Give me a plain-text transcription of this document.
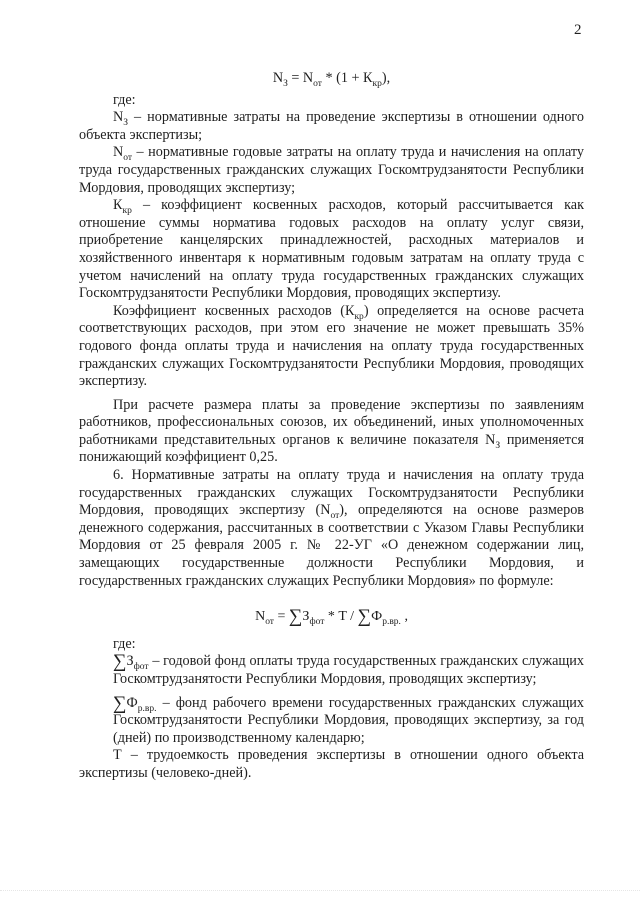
2
$N_З = N_{от} * (1 + К_{кр})$,

где:

$N_З$ – нормативные затраты на проведение экспертизы в отношении одного объекта экспертизы;

$N_{от}$ – нормативные годовые затраты на оплату труда и начисления на оплату труда государственных гражданских служащих Госкомтрудзанятости Республики Мордовия, проводящих экспертизу;

$К_{кр}$ – коэффициент косвенных расходов, который рассчитывается как отношение суммы норматива годовых расходов на оплату услуг связи, приобретение канцелярских принадлежностей, расходных материалов и хозяйственного инвентаря к нормативным годовым затратам на оплату труда с учетом начислений на оплату труда государственных гражданских служащих Госкомтрудзанятости Республики Мордовия, проводящих экспертизу.

Коэффициент косвенных расходов $(К_{кр})$ определяется на основе расчета соответствующих расходов, при этом его значение не может превышать 35% годового фонда оплаты труда и начисления на оплату труда государственных гражданских служащих Госкомтрудзанятости Республики Мордовия, проводящих экспертизу.

При расчете размера платы за проведение экспертизы по заявлениям работников, профессиональных союзов, их объединений, иных уполномоченных работниками представительных органов к величине показателя $N_З$ применяется понижающий коэффициент 0,25.

6. Нормативные затраты на оплату труда и начисления на оплату труда государственных гражданских служащих Госкомтрудзанятости Республики Мордовия, проводящих экспертизу $(N_{от})$, определяются на основе размеров денежного содержания, рассчитанных в соответствии с Указом Главы Республики Мордовия от 25 февраля 2005 г. № 22-УГ «О денежном содержании лиц, замещающих государственные должности Республики Мордовия, и государственных гражданских служащих Республики Мордовия» по формуле:

$N_{от} = \sum З_{фот} * T / \sum Ф_{р.вр.}$ ,

где:

$\sum З_{фот}$ – годовой фонд оплаты труда государственных гражданских служащих Госкомтрудзанятости Республики Мордовия, проводящих экспертизу;

$\sum Ф_{р.вр.}$ – фонд рабочего времени государственных гражданских служащих Госкомтрудзанятости Республики Мордовия, проводящих экспертизу, за год (дней) по производственному календарю;

Т – трудоемкость проведения экспертизы в отношении одного объекта экспертизы (человеко-дней).
